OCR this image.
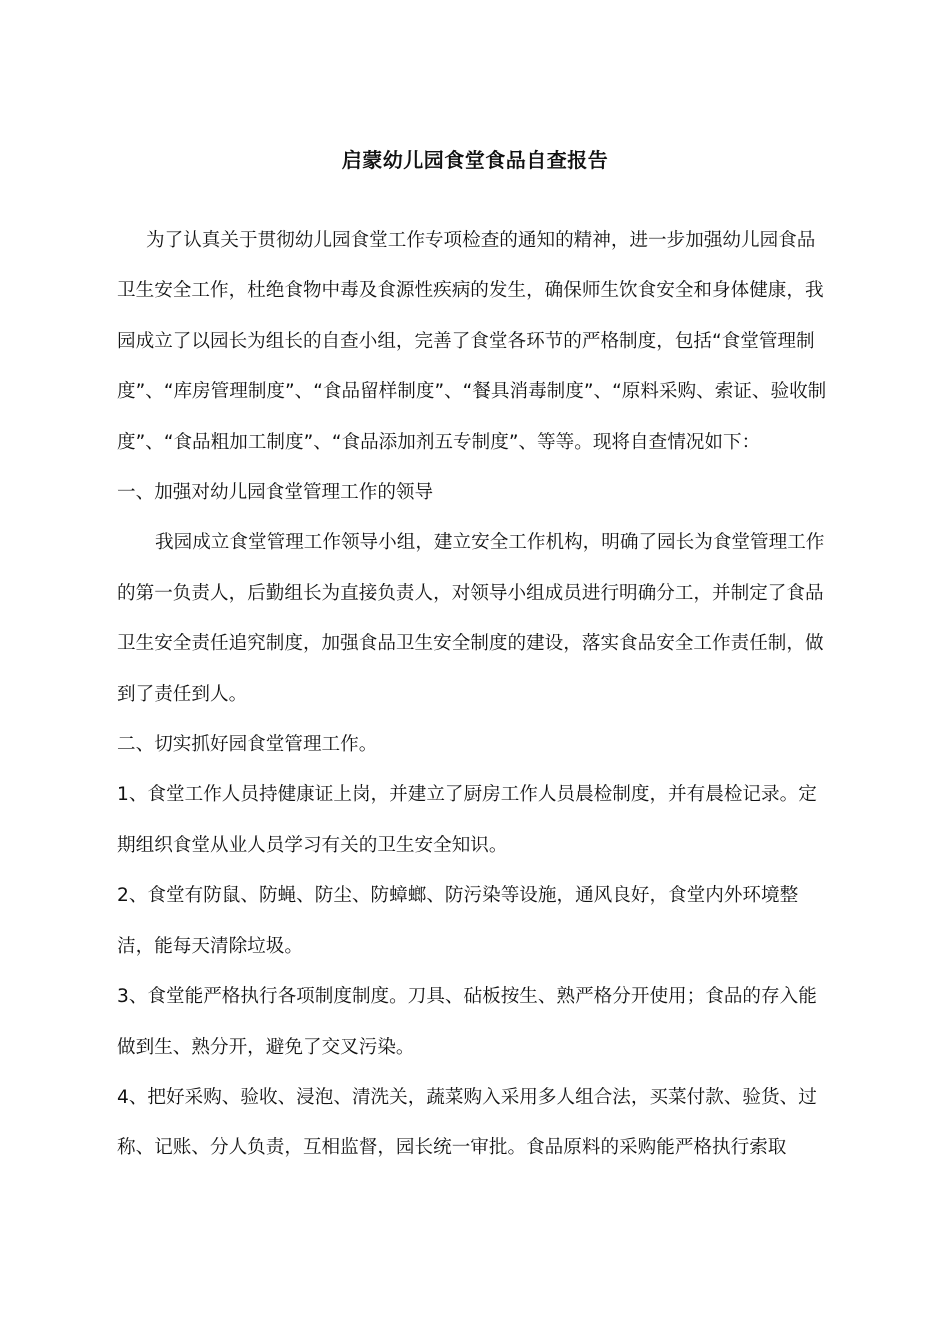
启蒙幼儿园食堂食品自查报告

为了认真关于贯彻幼儿园食堂工作专项检查的通知的精神，进一步加强幼儿园食品卫生安全工作，杜绝食物中毒及食源性疾病的发生，确保师生饮食安全和身体健康，我园成立了以园长为组长的自查小组，完善了食堂各环节的严格制度，包括“食堂管理制度”、“库房管理制度”、“食品留样制度”、“餐具消毒制度”、“原料采购、索证、验收制度”、“食品粗加工制度”、“食品添加剂五专制度”、等等。现将自查情况如下：

一、加强对幼儿园食堂管理工作的领导

我园成立食堂管理工作领导小组，建立安全工作机构，明确了园长为食堂管理工作的第一负责人，后勤组长为直接负责人，对领导小组成员进行明确分工，并制定了食品卫生安全责任追究制度，加强食品卫生安全制度的建设，落实食品安全工作责任制，做到了责任到人。

二、切实抓好园食堂管理工作。

1、食堂工作人员持健康证上岗，并建立了厨房工作人员晨检制度，并有晨检记录。定期组织食堂从业人员学习有关的卫生安全知识。

2、食堂有防鼠、防蝇、防尘、防蟑螂、防污染等设施，通风良好，食堂内外环境整洁，能每天清除垃圾。

3、食堂能严格执行各项制度制度。刀具、砧板按生、熟严格分开使用；食品的存入能做到生、熟分开，避免了交叉污染。

4、把好采购、验收、浸泡、清洗关，蔬菜购入采用多人组合法，买菜付款、验货、过称、记账、分人负责，互相监督，园长统一审批。食品原料的采购能严格执行索取
